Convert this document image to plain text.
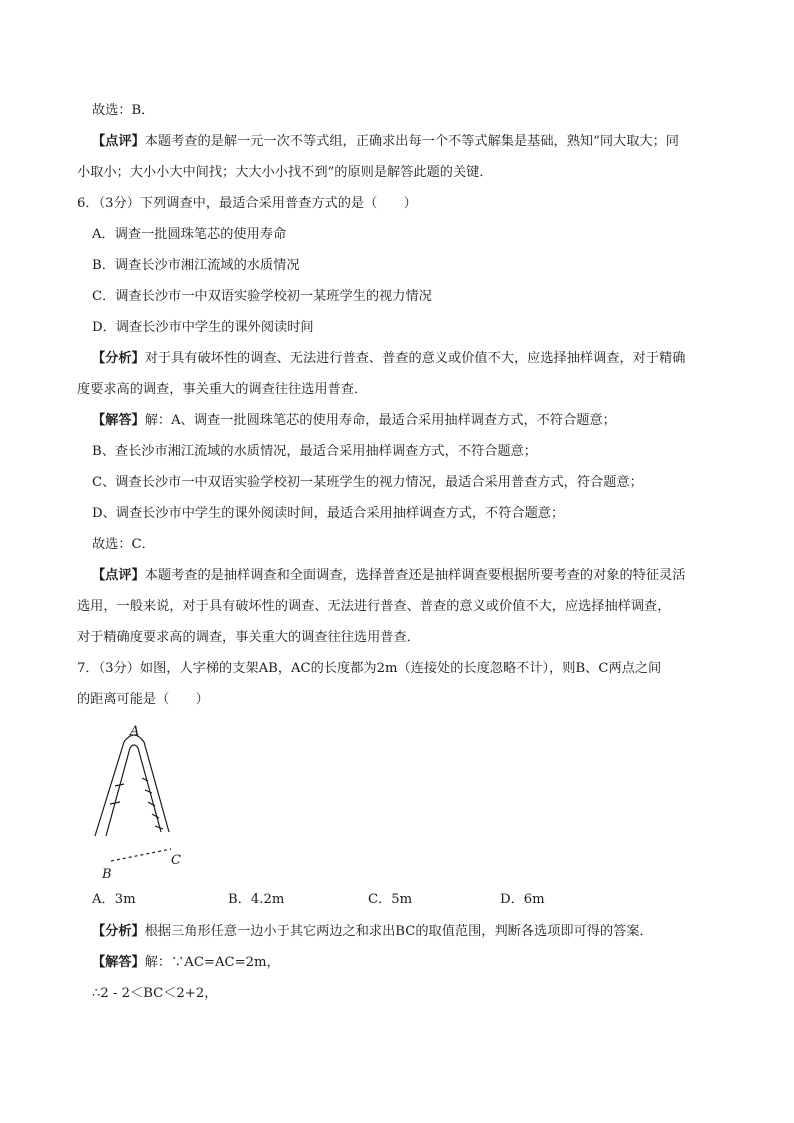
故选：B．
【点评】本题考查的是解一元一次不等式组，正确求出每一个不等式解集是基础，熟知“同大取大；同
小取小；大小小大中间找；大大小小找不到”的原则是解答此题的关键．
6．（3分）下列调查中，最适合采用普查方式的是（　　）
A．调查一批圆珠笔芯的使用寿命
B．调查长沙市湘江流域的水质情况
C．调查长沙市一中双语实验学校初一某班学生的视力情况
D．调查长沙市中学生的课外阅读时间
【分析】对于具有破坏性的调查、无法进行普查、普查的意义或价值不大，应选择抽样调查，对于精确
度要求高的调查，事关重大的调查往往选用普查．
【解答】解：A、调查一批圆珠笔芯的使用寿命，最适合采用抽样调查方式，不符合题意；
B、查长沙市湘江流域的水质情况，最适合采用抽样调查方式，不符合题意；
C、调查长沙市一中双语实验学校初一某班学生的视力情况，最适合采用普查方式，符合题意；
D、调查长沙市中学生的课外阅读时间，最适合采用抽样调查方式，不符合题意；
故选：C．
【点评】本题考查的是抽样调查和全面调查，选择普查还是抽样调查要根据所要考查的对象的特征灵活
选用，一般来说，对于具有破坏性的调查、无法进行普查、普查的意义或价值不大，应选择抽样调查，
对于精确度要求高的调查，事关重大的调查往往选用普查．
7．（3分）如图，人字梯的支架AB，AC的长度都为2m（连接处的长度忽略不计），则B、C两点之间
的距离可能是（　　）
A
B
C
A．3m	B．4.2m	C．5m	D．6m
【分析】根据三角形任意一边小于其它两边之和求出BC的取值范围，判断各选项即可得的答案．
【解答】解：∵AC=AC=2m，
∴2 - 2＜BC＜2+2，
